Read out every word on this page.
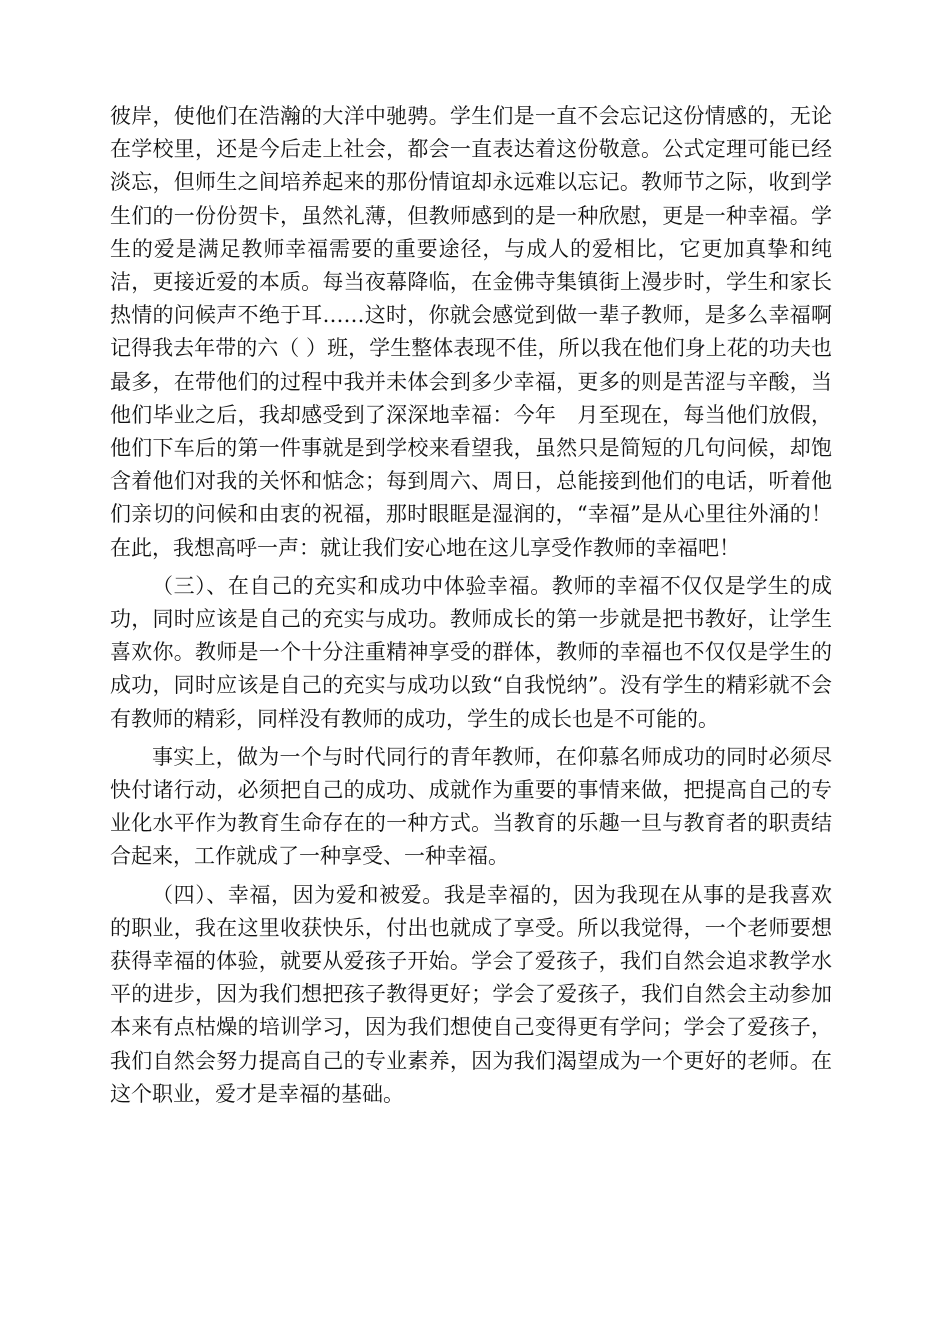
彼岸，使他们在浩瀚的大洋中驰骋。学生们是一直不会忘记这份情感的，无论在学校里，还是今后走上社会，都会一直表达着这份敬意。公式定理可能已经淡忘，但师生之间培养起来的那份情谊却永远难以忘记。教师节之际，收到学生们的一份份贺卡，虽然礼薄，但教师感到的是一种欣慰，更是一种幸福。学生的爱是满足教师幸福需要的重要途径，与成人的爱相比，它更加真挚和纯洁，更接近爱的本质。每当夜幕降临，在金佛寺集镇街上漫步时，学生和家长热情的问候声不绝于耳……这时，你就会感觉到做一辈子教师，是多么幸福啊 记得我去年带的六（ ）班，学生整体表现不佳，所以我在他们身上花的功夫也最多，在带他们的过程中我并未体会到多少幸福，更多的则是苦涩与辛酸，当他们毕业之后，我却感受到了深深地幸福：今年　月至现在，每当他们放假，他们下车后的第一件事就是到学校来看望我，虽然只是简短的几句问候，却饱含着他们对我的关怀和惦念；每到周六、周日，总能接到他们的电话，听着他们亲切的问候和由衷的祝福，那时眼眶是湿润的，“幸福”是从心里往外涌的！在此，我想高呼一声：就让我们安心地在这儿享受作教师的幸福吧！

（三）、在自己的充实和成功中体验幸福。教师的幸福不仅仅是学生的成功，同时应该是自己的充实与成功。教师成长的第一步就是把书教好，让学生喜欢你。教师是一个十分注重精神享受的群体，教师的幸福也不仅仅是学生的成功，同时应该是自己的充实与成功以致“自我悦纳”。没有学生的精彩就不会有教师的精彩，同样没有教师的成功，学生的成长也是不可能的。

事实上，做为一个与时代同行的青年教师，在仰慕名师成功的同时必须尽快付诸行动，必须把自己的成功、成就作为重要的事情来做，把提高自己的专业化水平作为教育生命存在的一种方式。当教育的乐趣一旦与教育者的职责结合起来，工作就成了一种享受、一种幸福。

（四）、幸福，因为爱和被爱。我是幸福的，因为我现在从事的是我喜欢的职业，我在这里收获快乐，付出也就成了享受。所以我觉得，一个老师要想获得幸福的体验，就要从爱孩子开始。学会了爱孩子，我们自然会追求教学水平的进步，因为我们想把孩子教得更好；学会了爱孩子，我们自然会主动参加本来有点枯燥的培训学习，因为我们想使自己变得更有学问；学会了爱孩子，我们自然会努力提高自己的专业素养，因为我们渴望成为一个更好的老师。在这个职业，爱才是幸福的基础。
